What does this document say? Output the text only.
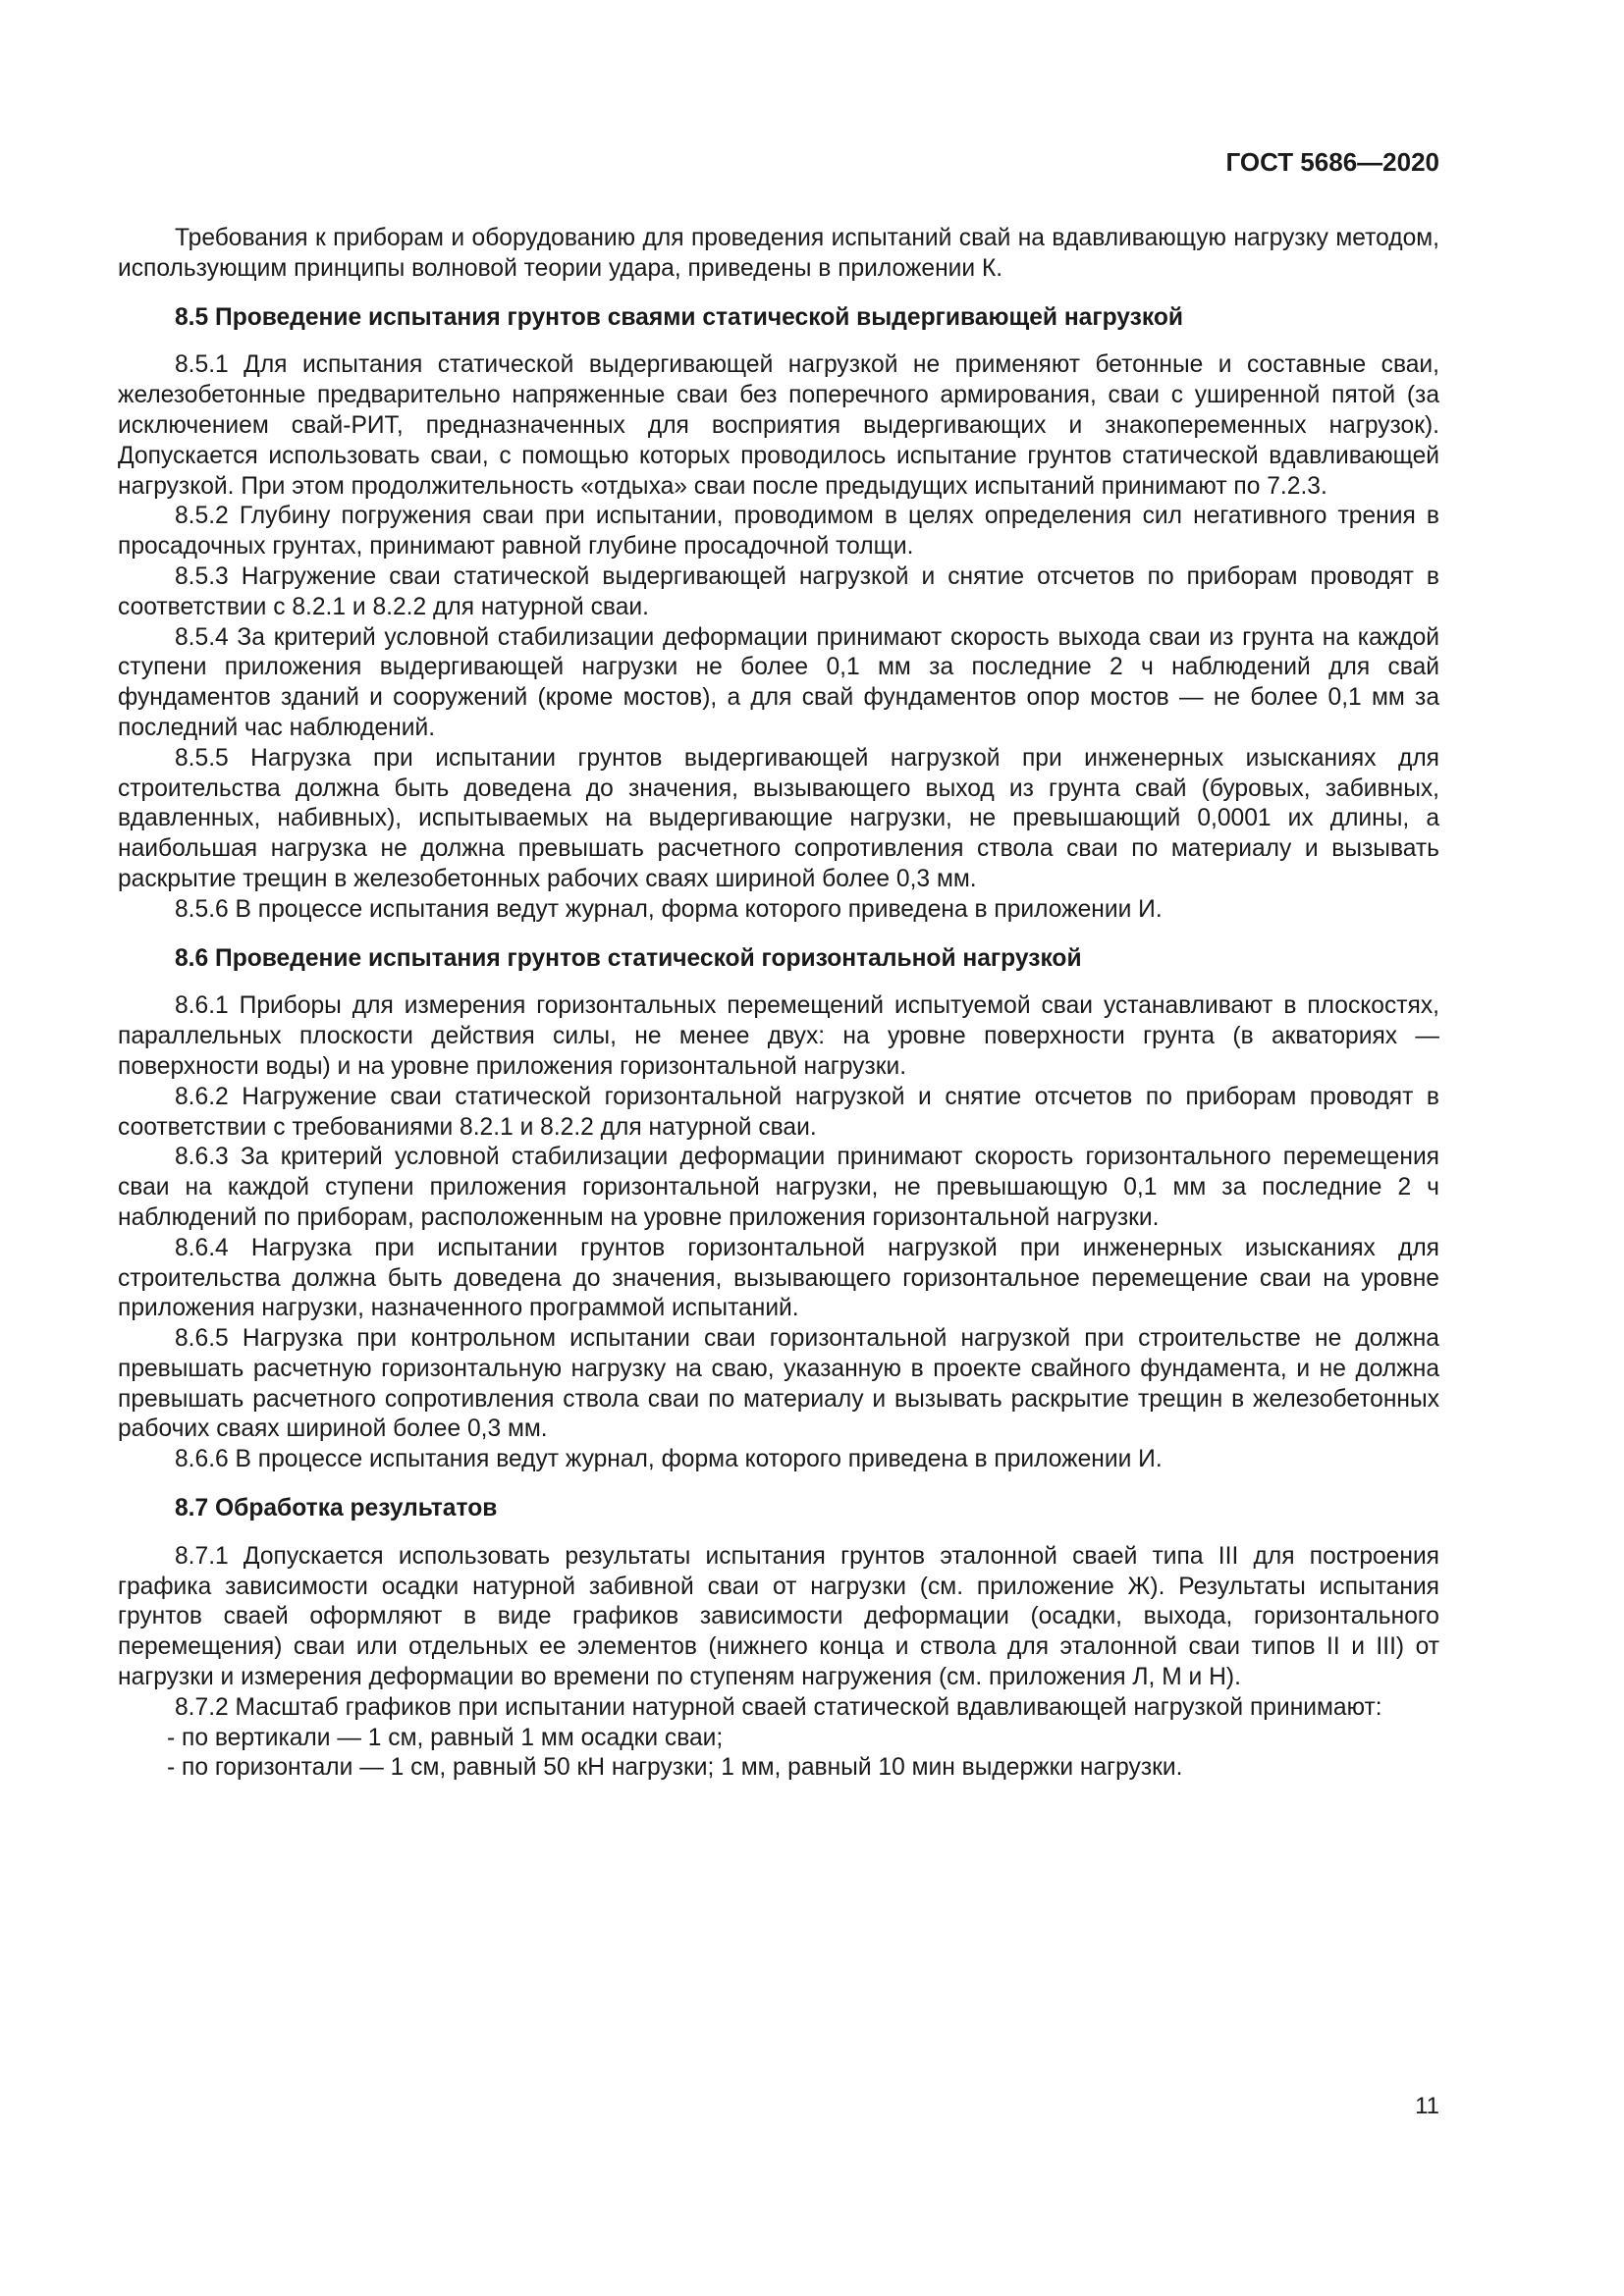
ГОСТ 5686—2020

Требования к приборам и оборудованию для проведения испытаний свай на вдавливающую нагрузку методом, использующим принципы волновой теории удара, приведены в приложении К.

8.5 Проведение испытания грунтов сваями статической выдергивающей нагрузкой

8.5.1 Для испытания статической выдергивающей нагрузкой не применяют бетонные и составные сваи, железобетонные предварительно напряженные сваи без поперечного армирования, сваи с уширенной пятой (за исключением свай-РИТ, предназначенных для восприятия выдергивающих и знакопеременных нагрузок). Допускается использовать сваи, с помощью которых проводилось испытание грунтов статической вдавливающей нагрузкой. При этом продолжительность «отдыха» сваи после предыдущих испытаний принимают по 7.2.3.

8.5.2 Глубину погружения сваи при испытании, проводимом в целях определения сил негативного трения в просадочных грунтах, принимают равной глубине просадочной толщи.

8.5.3 Нагружение сваи статической выдергивающей нагрузкой и снятие отсчетов по приборам проводят в соответствии с 8.2.1 и 8.2.2 для натурной сваи.

8.5.4 За критерий условной стабилизации деформации принимают скорость выхода сваи из грунта на каждой ступени приложения выдергивающей нагрузки не более 0,1 мм за последние 2 ч наблюдений для свай фундаментов зданий и сооружений (кроме мостов), а для свай фундаментов опор мостов — не более 0,1 мм за последний час наблюдений.

8.5.5 Нагрузка при испытании грунтов выдергивающей нагрузкой при инженерных изысканиях для строительства должна быть доведена до значения, вызывающего выход из грунта свай (буровых, забивных, вдавленных, набивных), испытываемых на выдергивающие нагрузки, не превышающий 0,0001 их длины, а наибольшая нагрузка не должна превышать расчетного сопротивления ствола сваи по материалу и вызывать раскрытие трещин в железобетонных рабочих сваях шириной более 0,3 мм.

8.5.6 В процессе испытания ведут журнал, форма которого приведена в приложении И.

8.6 Проведение испытания грунтов статической горизонтальной нагрузкой

8.6.1 Приборы для измерения горизонтальных перемещений испытуемой сваи устанавливают в плоскостях, параллельных плоскости действия силы, не менее двух: на уровне поверхности грунта (в акваториях — поверхности воды) и на уровне приложения горизонтальной нагрузки.

8.6.2 Нагружение сваи статической горизонтальной нагрузкой и снятие отсчетов по приборам проводят в соответствии с требованиями 8.2.1 и 8.2.2 для натурной сваи.

8.6.3 За критерий условной стабилизации деформации принимают скорость горизонтального перемещения сваи на каждой ступени приложения горизонтальной нагрузки, не превышающую 0,1 мм за последние 2 ч наблюдений по приборам, расположенным на уровне приложения горизонтальной нагрузки.

8.6.4 Нагрузка при испытании грунтов горизонтальной нагрузкой при инженерных изысканиях для строительства должна быть доведена до значения, вызывающего горизонтальное перемещение сваи на уровне приложения нагрузки, назначенного программой испытаний.

8.6.5 Нагрузка при контрольном испытании сваи горизонтальной нагрузкой при строительстве не должна превышать расчетную горизонтальную нагрузку на сваю, указанную в проекте свайного фундамента, и не должна превышать расчетного сопротивления ствола сваи по материалу и вызывать раскрытие трещин в железобетонных рабочих сваях шириной более 0,3 мм.

8.6.6 В процессе испытания ведут журнал, форма которого приведена в приложении И.

8.7 Обработка результатов

8.7.1 Допускается использовать результаты испытания грунтов эталонной сваей типа III для построения графика зависимости осадки натурной забивной сваи от нагрузки (см. приложение Ж). Результаты испытания грунтов сваей оформляют в виде графиков зависимости деформации (осадки, выхода, горизонтального перемещения) сваи или отдельных ее элементов (нижнего конца и ствола для эталонной сваи типов II и III) от нагрузки и измерения деформации во времени по ступеням нагружения (см. приложения Л, М и Н).

8.7.2 Масштаб графиков при испытании натурной сваей статической вдавливающей нагрузкой принимают:

- по вертикали — 1 см, равный 1 мм осадки сваи;
- по горизонтали — 1 см, равный 50 кН нагрузки; 1 мм, равный 10 мин выдержки нагрузки.
11
